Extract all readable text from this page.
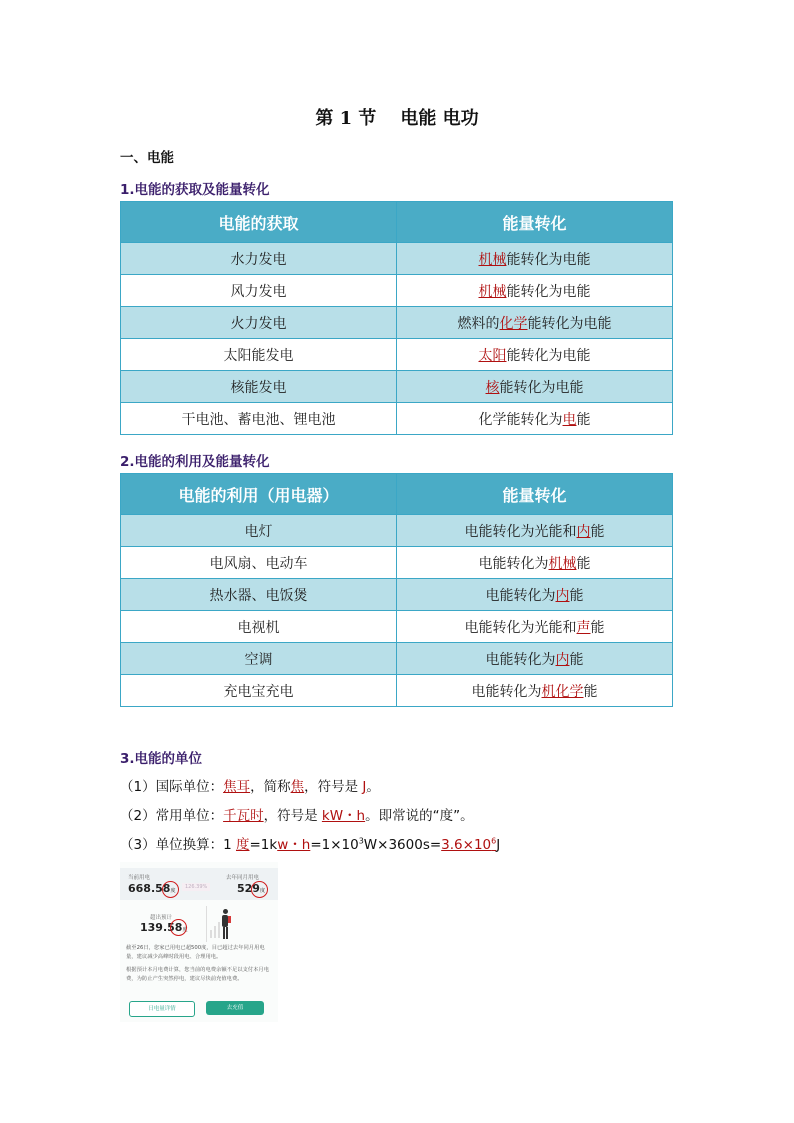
第 1 节 电能 电功
一、电能
1.电能的获取及能量转化
电能的获取	能量转化
水力发电	机械能转化为电能
风力发电	机械能转化为电能
火力发电	燃料的化学能转化为电能
太阳能发电	太阳能转化为电能
核能发电	核能转化为电能
干电池、蓄电池、锂电池	化学能转化为电能
2.电能的利用及能量转化
电能的利用（用电器）	能量转化
电灯	电能转化为光能和内能
电风扇、电动车	电能转化为机械能
热水器、电饭煲	电能转化为内能
电视机	电能转化为光能和声能
空调	电能转化为内能
充电宝充电	电能转化为机化学能
3.电能的单位
（1）国际单位：焦耳，简称焦，符号是 J。
（2）常用单位：千瓦时，符号是 kW・h。即常说的“度”。
（3）单位换算：1 度=1kw・$h=1\times 10^3W\times 3600s=3.6\times 10^6J$
当前用电
668.58度
126.39%
去年同月用电
529度
超出预计
139.58度
截至26日，您家已用电已超500度，目已超过去年同月用电量，建议减少高峰时段用电、合理用电。
根据预计本月电费计算，您当前的电费余额不足以支付本月电费，为防止产生突然停电，建议尽快前充值电费。
日电量详情	去充值
